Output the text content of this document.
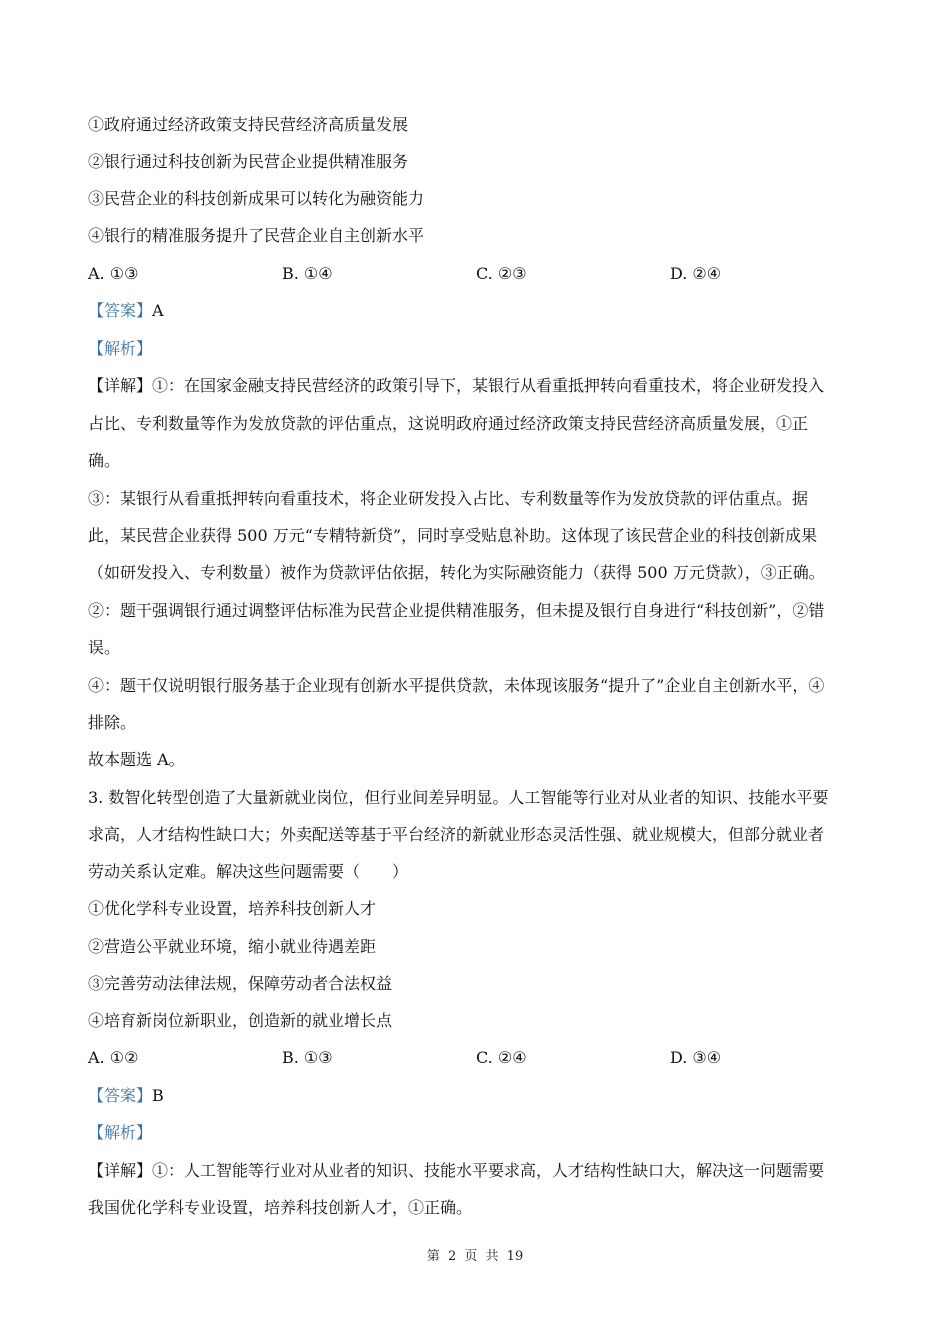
①政府通过经济政策支持民营经济高质量发展
②银行通过科技创新为民营企业提供精准服务
③民营企业的科技创新成果可以转化为融资能力
④银行的精准服务提升了民营企业自主创新水平
A. ①③	B. ①④	C. ②③	D. ②④
【答案】A
【解析】
【详解】①：在国家金融支持民营经济的政策引导下，某银行从看重抵押转向看重技术，将企业研发投入
占比、专利数量等作为发放贷款的评估重点，这说明政府通过经济政策支持民营经济高质量发展，①正
确。
③：某银行从看重抵押转向看重技术，将企业研发投入占比、专利数量等作为发放贷款的评估重点。据
此，某民营企业获得 500 万元“专精特新贷”，同时享受贴息补助。这体现了该民营企业的科技创新成果
（如研发投入、专利数量）被作为贷款评估依据，转化为实际融资能力（获得 500 万元贷款），③正确。
②：题干强调银行通过调整评估标准为民营企业提供精准服务，但未提及银行自身进行“科技创新”，②错
误。
④：题干仅说明银行服务基于企业现有创新水平提供贷款，未体现该服务“提升了”企业自主创新水平，④
排除。
故本题选 A。
3. 数智化转型创造了大量新就业岗位，但行业间差异明显。人工智能等行业对从业者的知识、技能水平要
求高，人才结构性缺口大；外卖配送等基于平台经济的新就业形态灵活性强、就业规模大，但部分就业者
劳动关系认定难。解决这些问题需要（　　）
①优化学科专业设置，培养科技创新人才
②营造公平就业环境，缩小就业待遇差距
③完善劳动法律法规，保障劳动者合法权益
④培育新岗位新职业，创造新的就业增长点
A. ①②	B. ①③	C. ②④	D. ③④
【答案】B
【解析】
【详解】①：人工智能等行业对从业者的知识、技能水平要求高，人才结构性缺口大，解决这一问题需要
我国优化学科专业设置，培养科技创新人才，①正确。
第 2 页 共 19
